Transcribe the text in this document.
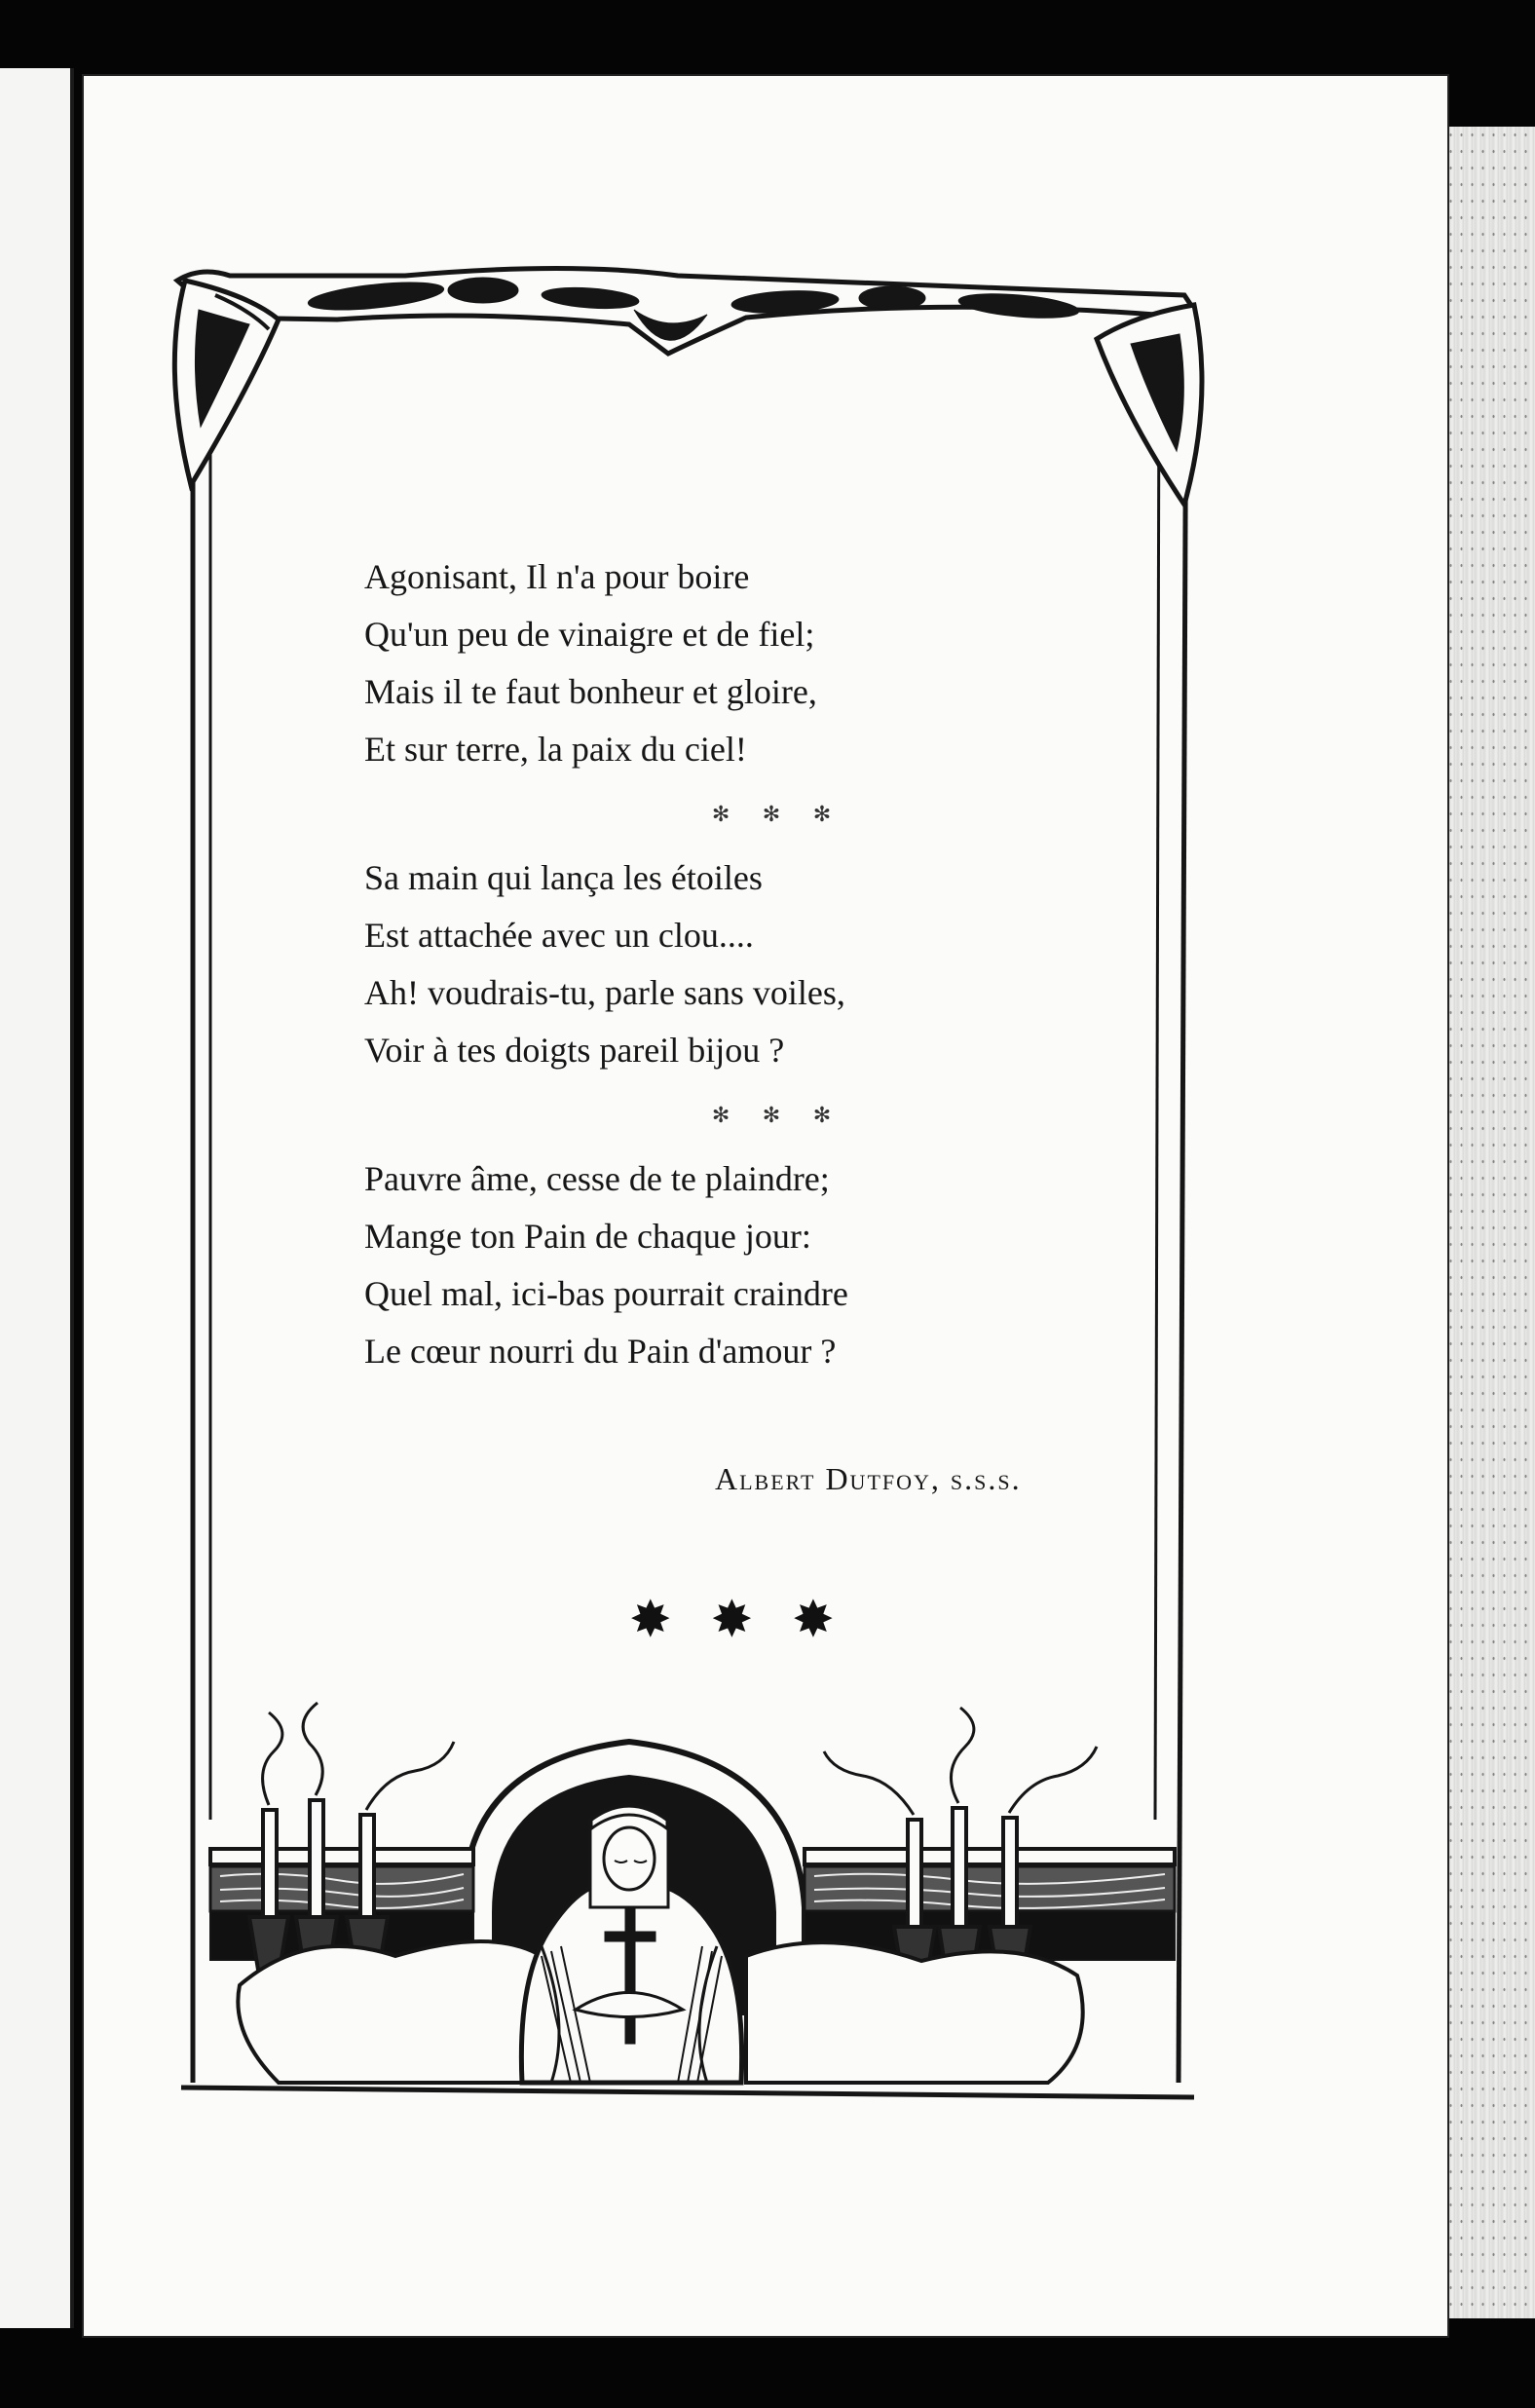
Agonisant, Il n'a pour boire
Qu'un peu de vinaigre et de fiel;
Mais il te faut bonheur et gloire,
Et sur terre, la paix du ciel!

✻ ✻ ✻

Sa main qui lança les étoiles
Est attachée avec un clou....
Ah! voudrais-tu, parle sans voiles,
Voir à tes doigts pareil bijou ?

✻ ✻ ✻

Pauvre âme, cesse de te plaindre;
Mange ton Pain de chaque jour:
Quel mal, ici-bas pourrait craindre
Le cœur nourri du Pain d'amour ?

Albert Dutfoy, s.s.s.
✸✸✸
